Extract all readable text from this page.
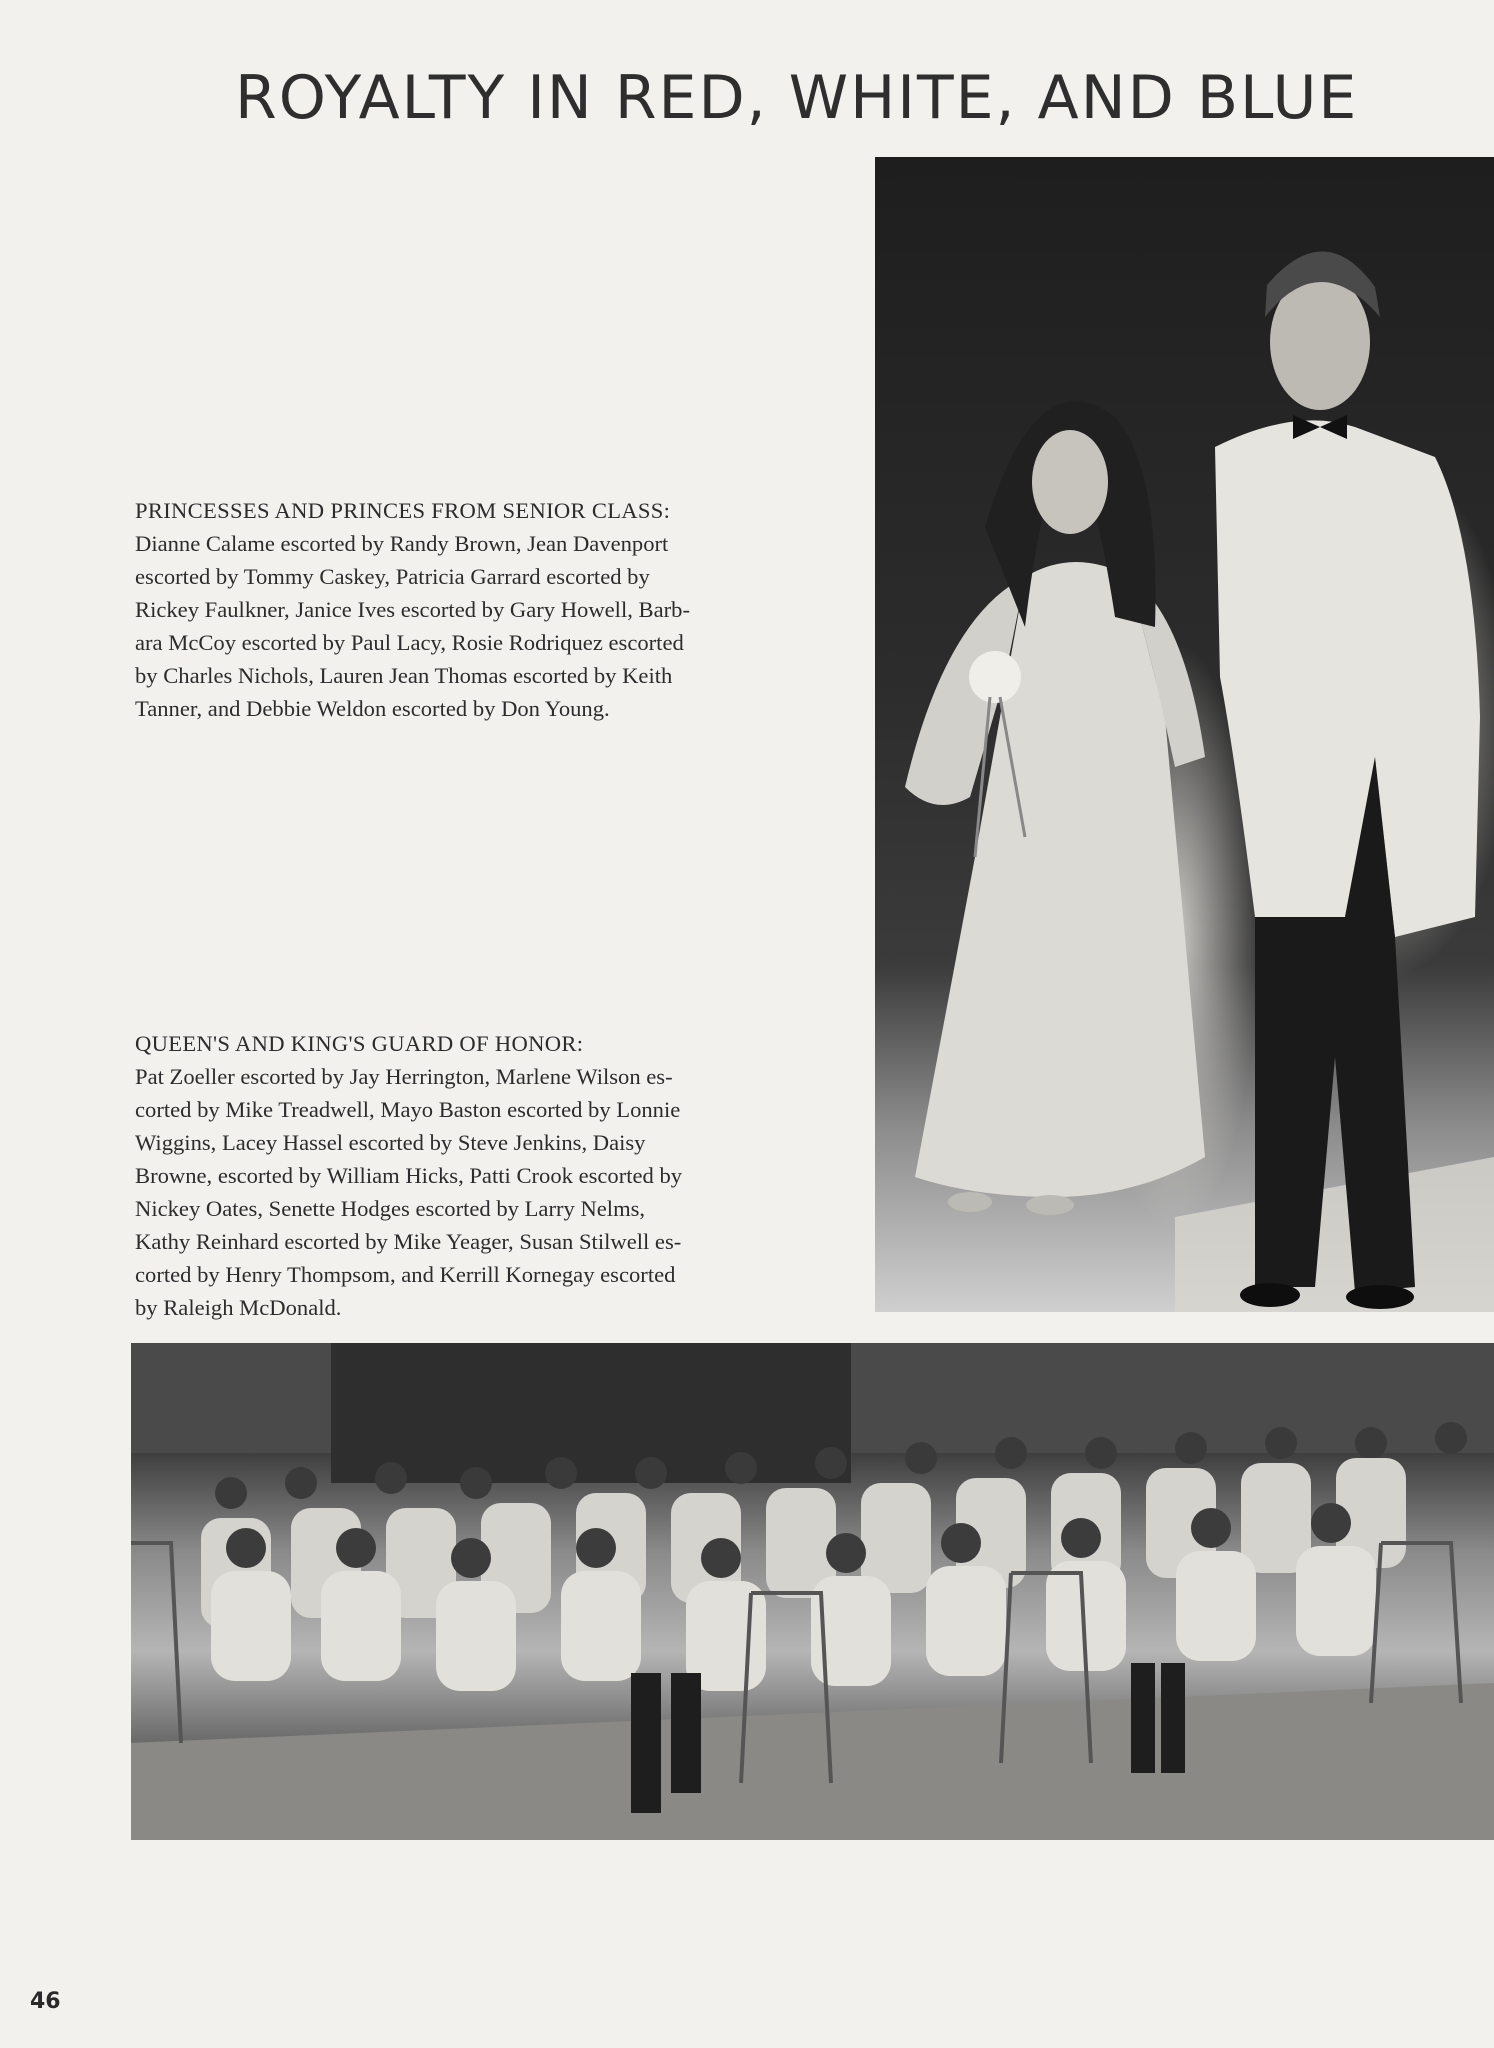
ROYALTY IN RED, WHITE, AND BLUE
PRINCESSES AND PRINCES FROM SENIOR CLASS:
Dianne Calame escorted by Randy Brown, Jean Davenport
escorted by Tommy Caskey, Patricia Garrard escorted by
Rickey Faulkner, Janice Ives escorted by Gary Howell, Barb-
ara McCoy escorted by Paul Lacy, Rosie Rodriquez escorted
by Charles Nichols, Lauren Jean Thomas escorted by Keith
Tanner, and Debbie Weldon escorted by Don Young.
QUEEN'S AND KING'S GUARD OF HONOR:
Pat Zoeller escorted by Jay Herrington, Marlene Wilson es-
corted by Mike Treadwell, Mayo Baston escorted by Lonnie
Wiggins, Lacey Hassel escorted by Steve Jenkins, Daisy
Browne, escorted by William Hicks, Patti Crook escorted by
Nickey Oates, Senette Hodges escorted by Larry Nelms,
Kathy Reinhard escorted by Mike Yeager, Susan Stilwell es-
corted by Henry Thompsom, and Kerrill Kornegay escorted
by Raleigh McDonald.
46
